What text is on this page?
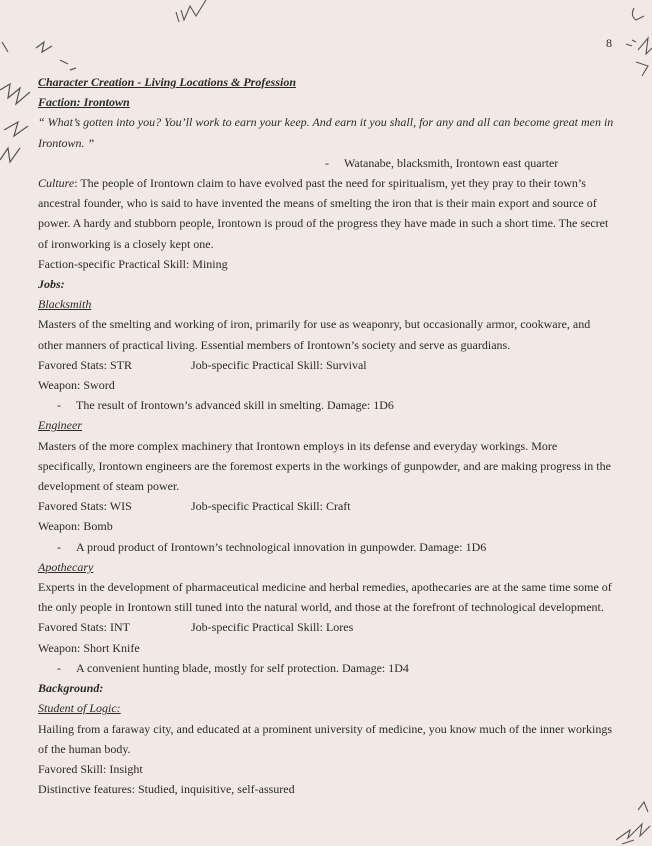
8

Character Creation - Living Locations & Profession

Faction: Irontown

“ What’s gotten into you? You’ll work to earn your keep. And earn it you shall, for any and all can become great men in Irontown. ”

- Watanabe, blacksmith, Irontown east quarter

Culture: The people of Irontown claim to have evolved past the need for spiritualism, yet they pray to their town’s ancestral founder, who is said to have invented the means of smelting the iron that is their main export and source of power. A hardy and stubborn people, Irontown is proud of the progress they have made in such a short time. The secret of ironworking is a closely kept one.

Faction-specific Practical Skill: Mining

Jobs:

Blacksmith

Masters of the smelting and working of iron, primarily for use as weaponry, but occasionally armor, cookware, and other manners of practical living. Essential members of Irontown’s society and serve as guardians.

Favored Stats: STR	Job-specific Practical Skill: Survival

Weapon: Sword

- The result of Irontown’s advanced skill in smelting. Damage: 1D6

Engineer

Masters of the more complex machinery that Irontown employs in its defense and everyday workings. More specifically, Irontown engineers are the foremost experts in the workings of gunpowder, and are making progress in the development of steam power.

Favored Stats: WIS	Job-specific Practical Skill: Craft

Weapon: Bomb

- A proud product of Irontown’s technological innovation in gunpowder. Damage: 1D6

Apothecary

Experts in the development of pharmaceutical medicine and herbal remedies, apothecaries are at the same time some of the only people in Irontown still tuned into the natural world, and those at the forefront of technological development.

Favored Stats: INT	Job-specific Practical Skill: Lores

Weapon: Short Knife

- A convenient hunting blade, mostly for self protection. Damage: 1D4

Background:

Student of Logic:

Hailing from a faraway city, and educated at a prominent university of medicine, you know much of the inner workings of the human body.

Favored Skill: Insight

Distinctive features: Studied, inquisitive, self-assured
